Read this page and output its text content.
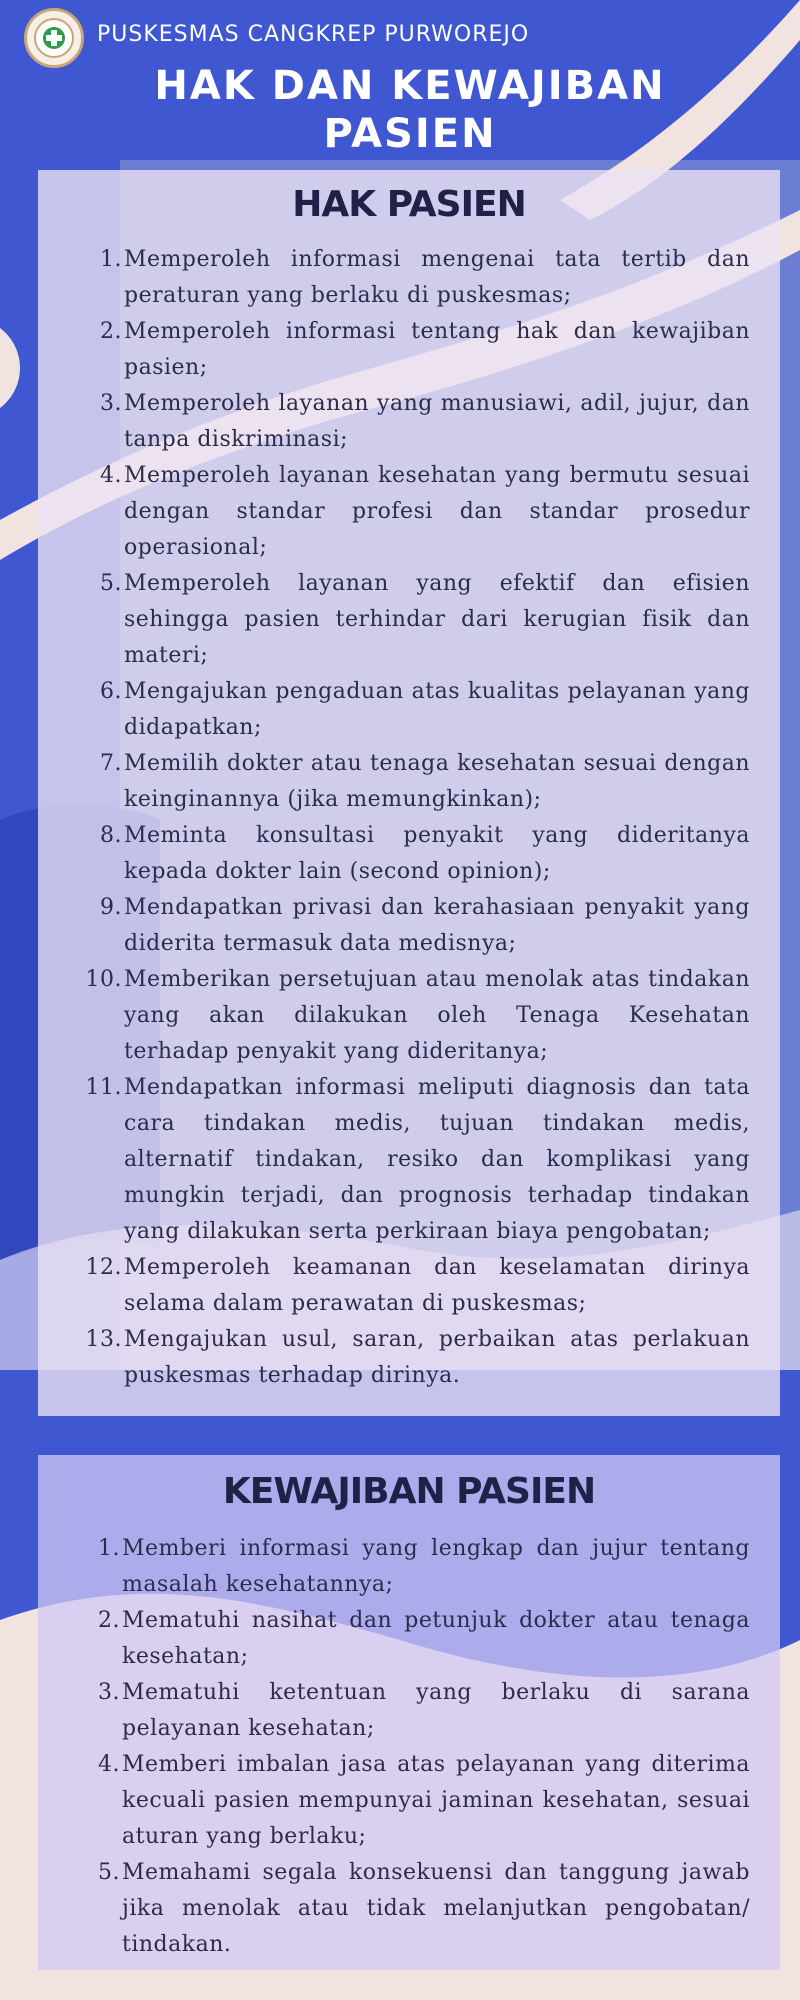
PUSKESMAS CANGKREP PURWOREJO
HAK DAN KEWAJIBAN PASIEN
HAK PASIEN
1. Memperoleh informasi mengenai tata tertib dan peraturan yang berlaku di puskesmas;
2. Memperoleh informasi tentang hak dan kewajiban pasien;
3. Memperoleh layanan yang manusiawi, adil, jujur, dan tanpa diskriminasi;
4. Memperoleh layanan kesehatan yang bermutu sesuai dengan standar profesi dan standar prosedur operasional;
5. Memperoleh layanan yang efektif dan efisien sehingga pasien terhindar dari kerugian fisik dan materi;
6. Mengajukan pengaduan atas kualitas pelayanan yang didapatkan;
7. Memilih dokter atau tenaga kesehatan sesuai dengan keinginannya (jika memungkinkan);
8. Meminta konsultasi penyakit yang dideritanya kepada dokter lain (second opinion);
9. Mendapatkan privasi dan kerahasiaan penyakit yang diderita termasuk data medisnya;
10. Memberikan persetujuan atau menolak atas tindakan yang akan dilakukan oleh Tenaga Kesehatan terhadap penyakit yang dideritanya;
11. Mendapatkan informasi meliputi diagnosis dan tata cara tindakan medis, tujuan tindakan medis, alternatif tindakan, resiko dan komplikasi yang mungkin terjadi, dan prognosis terhadap tindakan yang dilakukan serta perkiraan biaya pengobatan;
12. Memperoleh keamanan dan keselamatan dirinya selama dalam perawatan di puskesmas;
13. Mengajukan usul, saran, perbaikan atas perlakuan puskesmas terhadap dirinya.
KEWAJIBAN PASIEN
1. Memberi informasi yang lengkap dan jujur tentang masalah kesehatannya;
2. Mematuhi nasihat dan petunjuk dokter atau tenaga kesehatan;
3. Mematuhi ketentuan yang berlaku di sarana pelayanan kesehatan;
4. Memberi imbalan jasa atas pelayanan yang diterima kecuali pasien mempunyai jaminan kesehatan, sesuai aturan yang berlaku;
5. Memahami segala konsekuensi dan tanggung jawab jika menolak atau tidak melanjutkan pengobatan/ tindakan.
